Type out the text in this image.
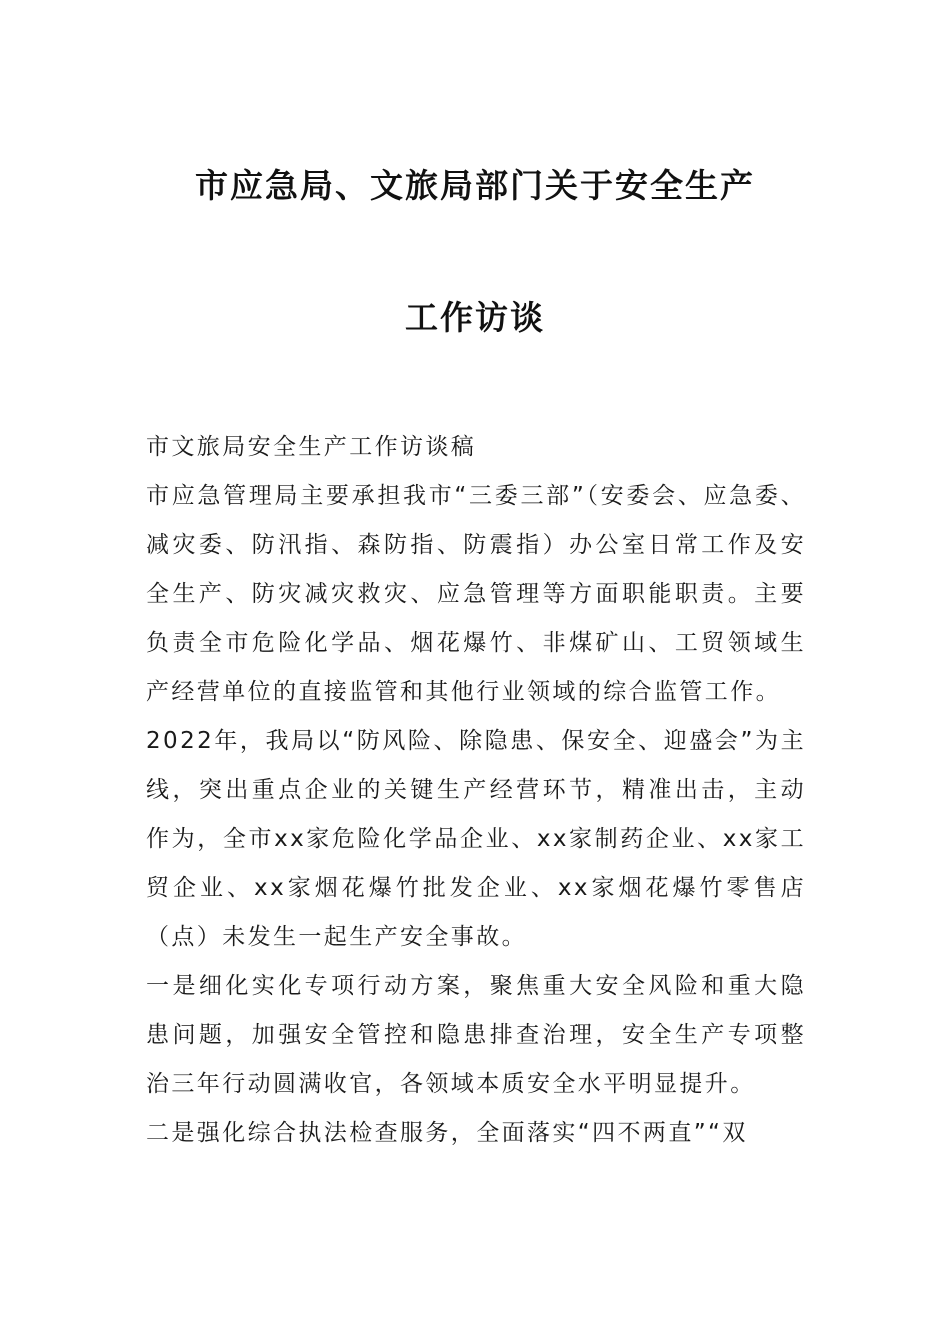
市应急局、文旅局部门关于安全生产
工作访谈

市文旅局安全生产工作访谈稿

市应急管理局主要承担我市“三委三部”（安委会、应急委、减灾委、防汛指、森防指、防震指）办公室日常工作及安全生产、防灾减灾救灾、应急管理等方面职能职责。主要负责全市危险化学品、烟花爆竹、非煤矿山、工贸领域生产经营单位的直接监管和其他行业领域的综合监管工作。

2022年，我局以“防风险、除隐患、保安全、迎盛会”为主线，突出重点企业的关键生产经营环节，精准出击，主动作为，全市xx家危险化学品企业、xx家制药企业、xx家工贸企业、xx家烟花爆竹批发企业、xx家烟花爆竹零售店（点）未发生一起生产安全事故。

一是细化实化专项行动方案，聚焦重大安全风险和重大隐患问题，加强安全管控和隐患排查治理，安全生产专项整治三年行动圆满收官，各领域本质安全水平明显提升。

二是强化综合执法检查服务，全面落实“四不两直”“双
